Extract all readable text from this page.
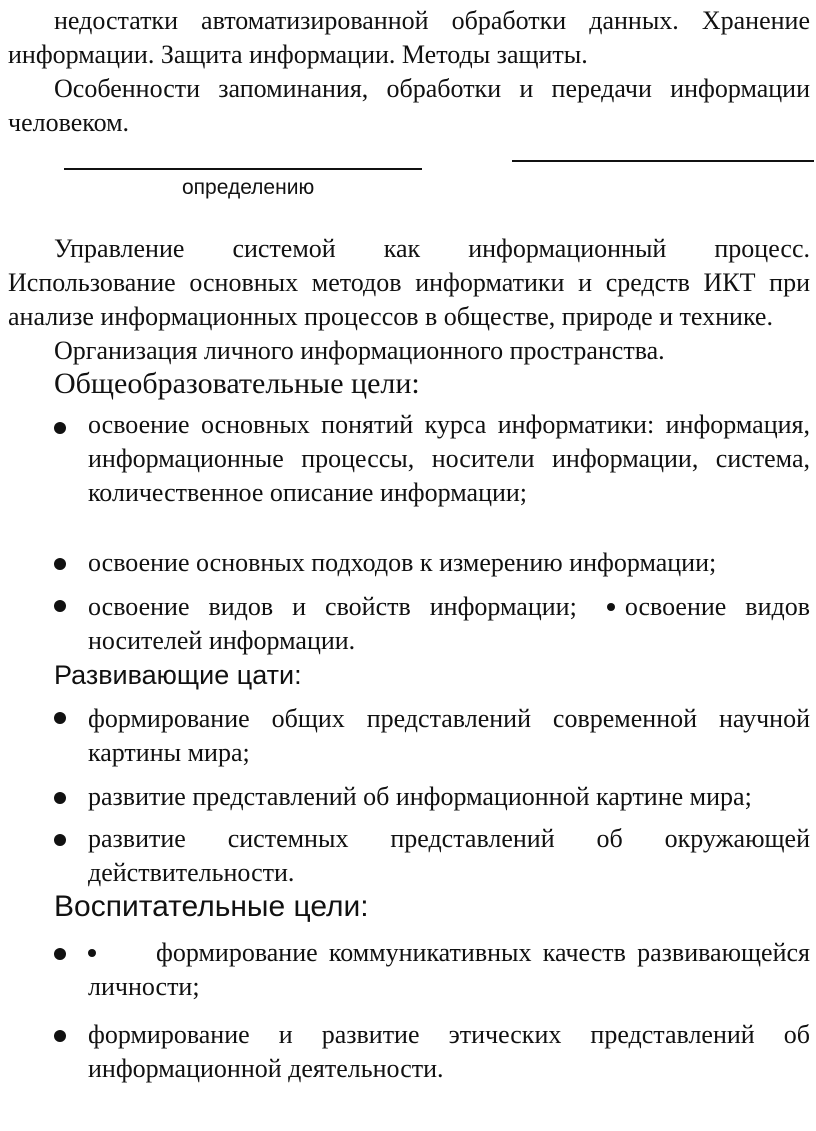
недостатки автоматизированной обработки данных. Хранение информации. Защита информации. Методы защиты.
Особенности запоминания, обработки и передачи информации человеком.
определению
Управление системой как информационный процесс. Использование основных методов информатики и средств ИКТ при анализе информационных процессов в обществе, природе и технике.
Организация личного информационного пространства.
Общеобразовательные цели:
освоение основных понятий курса информатики: информация, информационные процессы, носители информации, система, количественное описание информации;
освоение основных подходов к измерению информации;
освоение видов и свойств информации; освоение видов носителей информации.
Развивающие цати:
формирование общих представлений современной научной картины мира;
развитие представлений об информационной картине мира;
развитие системных представлений об окружающей действительности.
Воспитательные цели:
формирование коммуникативных качеств развивающейся личности;
формирование и развитие этических представлений об информационной деятельности.
